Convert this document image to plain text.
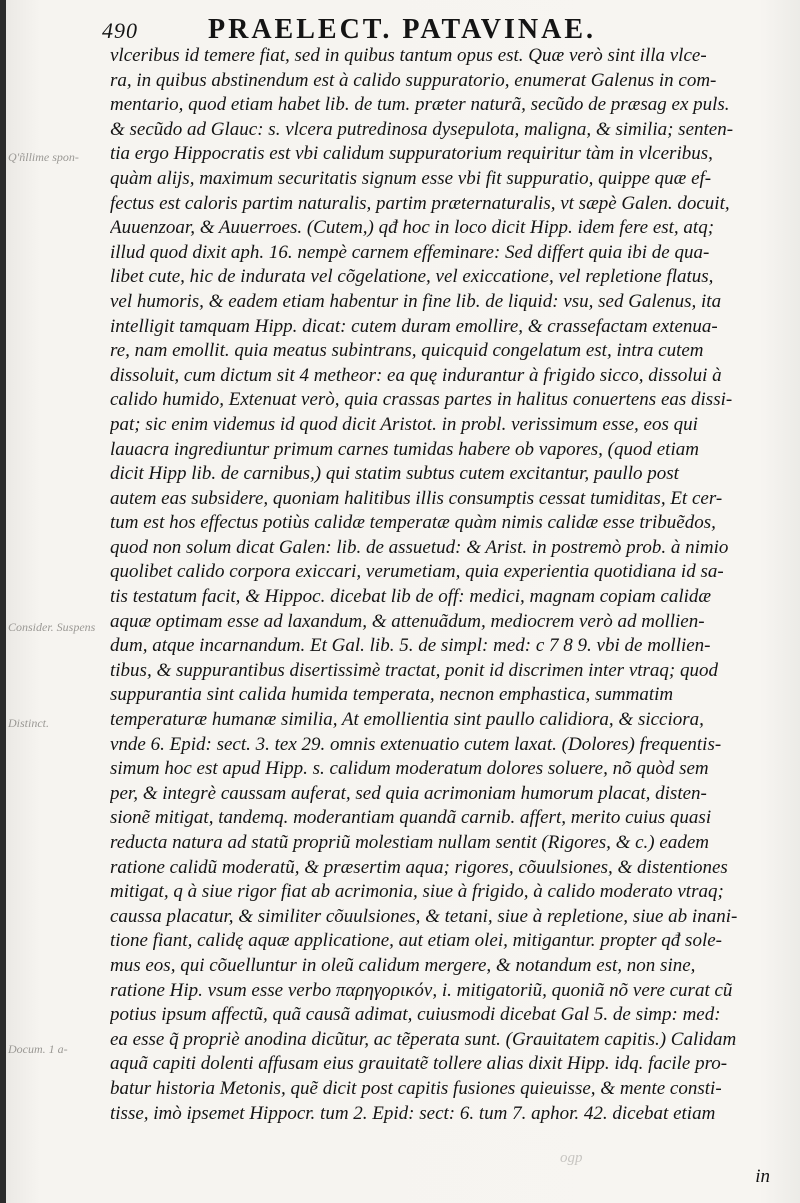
490	PRAELECT. PATAVINAE.
Q'ñllime spon-
Consider. Suspens
Distinct.
Docum. 1 a-
vlceribus id temere fiat, sed in quibus tantum opus est. Quæ verò sint illa vlce-
ra, in quibus abstinendum est à calido suppuratorio, enumerat Galenus in com-
mentario, quod etiam habet lib. de tum. præter naturã, secũdo de præsag ex puls.
& secũdo ad Glauc: s. vlcera putredinosa dysepulota, maligna, & similia; senten-
tia ergo Hippocratis est vbi calidum suppuratorium requiritur tàm in vlceribus,
quàm alijs, maximum securitatis signum esse vbi fit suppuratio, quippe quæ ef-
fectus est caloris partim naturalis, partim præternaturalis, vt sæpè Galen. docuit,
Auuenzoar, & Auuerroes. (Cutem,) qđ hoc in loco dicit Hipp. idem fere est, atq;
illud quod dixit aph. 16. nempè carnem effeminare: Sed differt quia ibi de qua-
libet cute, hic de indurata vel cõgelatione, vel exiccatione, vel repletione flatus,
vel humoris, & eadem etiam habentur in fine lib. de liquid: vsu, sed Galenus, ita
intelligit tamquam Hipp. dicat: cutem duram emollire, & crassefactam extenua-
re, nam emollit. quia meatus subintrans, quicquid congelatum est, intra cutem
dissoluit, cum dictum sit 4 metheor: ea quę indurantur à frigido sicco, dissolui à
calido humido, Extenuat verò, quia crassas partes in halitus conuertens eas dissi-
pat; sic enim videmus id quod dicit Aristot. in probl. verissimum esse, eos qui
lauacra ingrediuntur primum carnes tumidas habere ob vapores, (quod etiam
dicit Hipp lib. de carnibus,) qui statim subtus cutem excitantur, paullo post
autem eas subsidere, quoniam halitibus illis consumptis cessat tumiditas, Et cer-
tum est hos effectus potiùs calidæ temperatæ quàm nimis calidæ esse tribuẽdos,
quod non solum dicat Galen: lib. de assuetud: & Arist. in postremò prob. à nimio
quolibet calido corpora exiccari, verumetiam, quia experientia quotidiana id sa-
tis testatum facit, & Hippoc. dicebat lib de off: medici, magnam copiam calidæ
aquæ optimam esse ad laxandum, & attenuãdum, mediocrem verò ad mollien-
dum, atque incarnandum. Et Gal. lib. 5. de simpl: med: c 7 8 9. vbi de mollien-
tibus, & suppurantibus disertissimè tractat, ponit id discrimen inter vtraq; quod
suppurantia sint calida humida temperata, necnon emphastica, summatim
temperaturæ humanæ similia, At emollientia sint paullo calidiora, & sicciora,
vnde 6. Epid: sect. 3. tex 29. omnis extenuatio cutem laxat. (Dolores) frequentis-
simum hoc est apud Hipp. s. calidum moderatum dolores soluere, nõ quòd sem
per, & integrè caussam auferat, sed quia acrimoniam humorum placat, disten-
sionẽ mitigat, tandemq. moderantiam quandã carnib. affert, merito cuius quasi
reducta natura ad statũ propriũ molestiam nullam sentit (Rigores, & c.) eadem
ratione calidũ moderatũ, & præsertim aqua; rigores, cõuulsiones, & distentiones
mitigat, q à siue rigor fiat ab acrimonia, siue à frigido, à calido moderato vtraq;
caussa placatur, & similiter cõuulsiones, & tetani, siue à repletione, siue ab inani-
tione fiant, calidę aquæ applicatione, aut etiam olei, mitigantur. propter qđ sole-
mus eos, qui cõuelluntur in oleũ calidum mergere, & notandum est, non sine,
ratione Hip. vsum esse verbo παρηγορικόν, i. mitigatoriũ, quoniã nõ vere curat cũ
potius ipsum affectũ, quã causã adimat, cuiusmodi dicebat Gal 5. de simp: med:
ea esse q̃ propriè anodina dicũtur, ac tẽperata sunt. (Grauitatem capitis.) Calidam
aquã capiti dolenti affusam eius grauitatẽ tollere alias dixit Hipp. idq. facile pro-
batur historia Metonis, quẽ dicit post capitis fusiones quieuisse, & mente consti-
tisse, imò ipsemet Hippocr. tum 2. Epid: sect: 6. tum 7. aphor. 42. dicebat etiam
ogp
in
